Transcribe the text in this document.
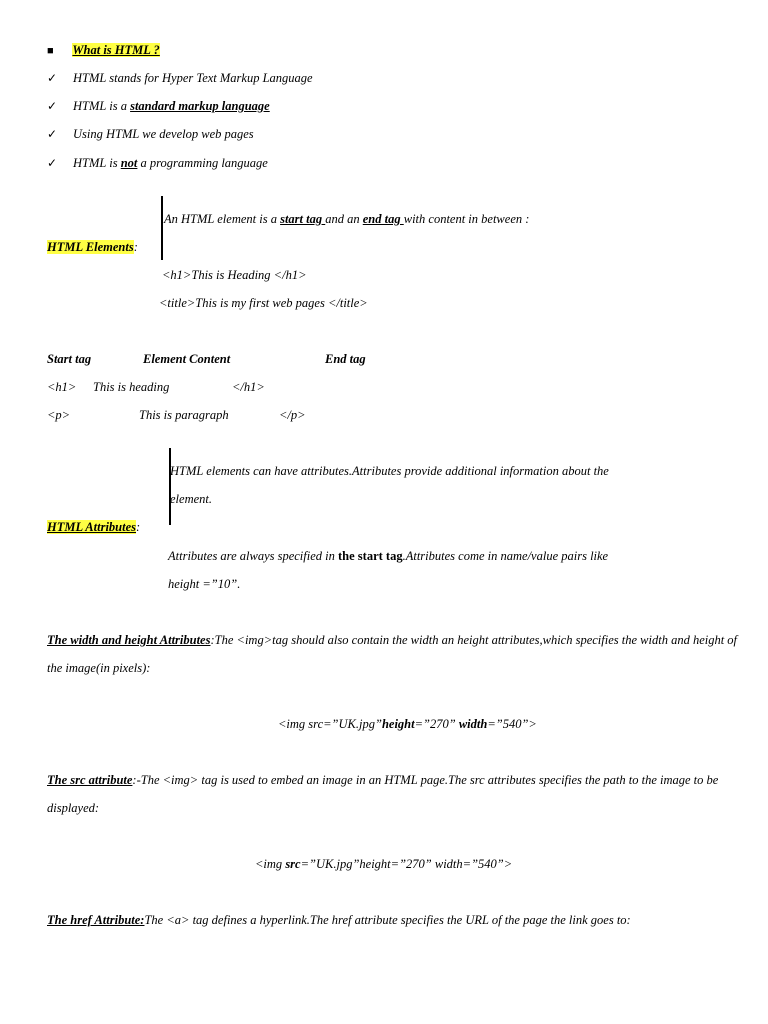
■ What is HTML ?
✓ HTML stands for Hyper Text Markup Language
✓ HTML is a standard markup language
✓ Using HTML we develop web pages
✓ HTML is not a programming language
An HTML element is a start tag and an end tag with content in between :
HTML Elements:
<h1>This is Heading </h1>
<title>This is my first web pages </title>
Start tag	Element Content	End tag
<h1> This is heading	</h1>
<p>	This is paragraph	</p>
HTML elements can have attributes.Attributes provide additional information about the
element.
HTML Attributes:
Attributes are always specified in the start tag.Attributes come in name/value pairs like
height =”10”.
The width and height Attributes:The <img>tag should also contain the width an height attributes,which specifies the width and height of
the image(in pixels):
<img src=”UK.jpg”height=”270” width=”540”>
The src attribute:-The <img> tag is used to embed an image in an HTML page.The src attributes specifies the path to the image to be
displayed:
<img src=”UK.jpg”height=”270” width=”540”>
The href Attribute:The <a> tag defines a hyperlink.The href attribute specifies the URL of the page the link goes to:
